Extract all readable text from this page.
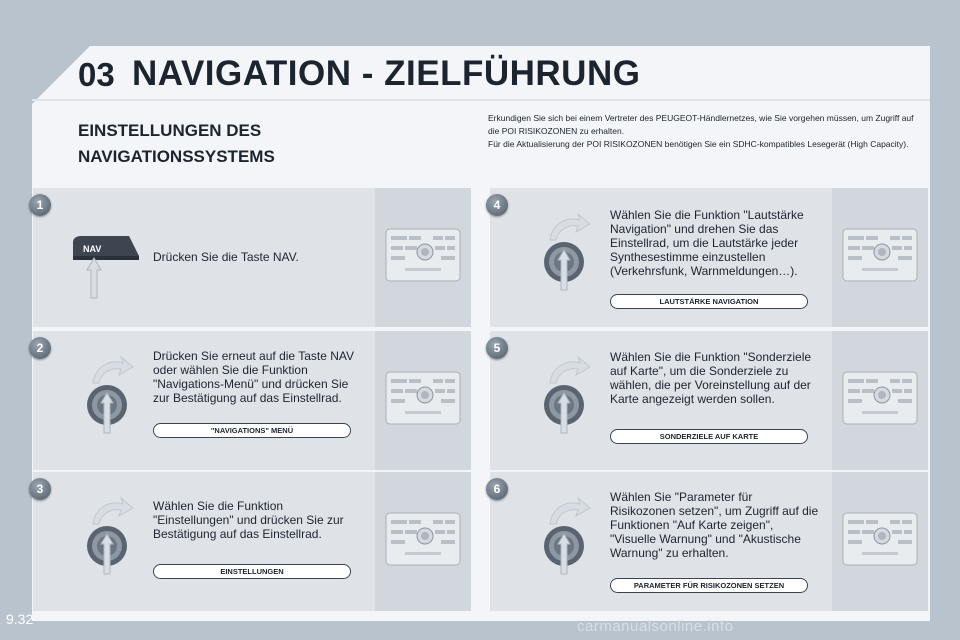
03 NAVIGATION - ZIELFÜHRUNG
EINSTELLUNGEN DES NAVIGATIONSSYSTEMS

Erkundigen Sie sich bei einem Vertreter des PEUGEOT-Händlernetzes, wie Sie vorgehen müssen, um Zugriff auf die POI RISIKOZONEN zu erhalten.

Für die Aktualisierung der POI RISIKOZONEN benötigen Sie ein SDHC-kompatibles Lesegerät (High Capacity).

1
NAV
Drücken Sie die Taste NAV.
2
Drücken Sie erneut auf die Taste NAV oder wählen Sie die Funktion "Navigations-Menü" und drücken Sie zur Bestätigung auf das Einstellrad.
"NAVIGATIONS" MENÜ
3
Wählen Sie die Funktion "Einstellungen" und drücken Sie zur Bestätigung auf das Einstellrad.
EINSTELLUNGEN
4
Wählen Sie die Funktion "Lautstärke Navigation" und drehen Sie das Einstellrad, um die Lautstärke jeder Synthesestimme einzustellen (Verkehrsfunk, Warnmeldungen…).
LAUTSTÄRKE NAVIGATION
5
Wählen Sie die Funktion "Sonderziele auf Karte", um die Sonderziele zu wählen, die per Voreinstellung auf der Karte angezeigt werden sollen.
SONDERZIELE AUF KARTE
6
Wählen Sie "Parameter für Risikozonen setzen", um Zugriff auf die Funktionen "Auf Karte zeigen", "Visuelle Warnung" und "Akustische Warnung" zu erhalten.
PARAMETER FÜR RISIKOZONEN SETZEN
9.32	carmanualsonline.info
